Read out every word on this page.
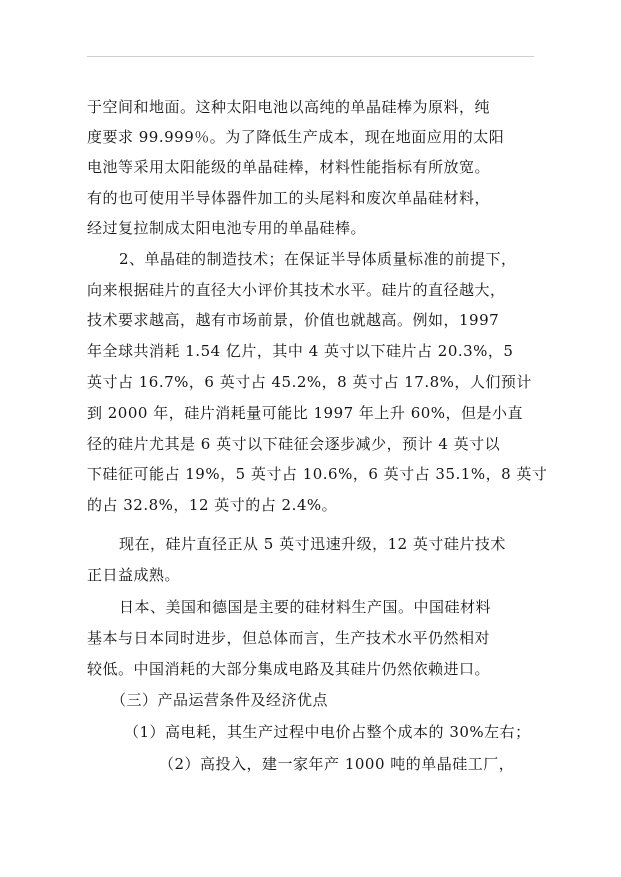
于空间和地面。这种太阳电池以高纯的单晶硅棒为原料，纯
度要求 99.999％。为了降低生产成本，现在地面应用的太阳
电池等采用太阳能级的单晶硅棒，材料性能指标有所放宽。
有的也可使用半导体器件加工的头尾料和废次单晶硅材料，
经过复拉制成太阳电池专用的单晶硅棒。
2、单晶硅的制造技术；在保证半导体质量标准的前提下，
向来根据硅片的直径大小评价其技术水平。硅片的直径越大，
技术要求越高，越有市场前景，价值也就越高。例如，1997
年全球共消耗 1.54 亿片，其中 4 英寸以下硅片占 20.3%，5
英寸占 16.7%，6 英寸占 45.2%，8 英寸占 17.8%，人们预计
到 2000 年，硅片消耗量可能比 1997 年上升 60%，但是小直
径的硅片尤其是 6 英寸以下硅征会逐步减少，预计 4 英寸以
下硅征可能占 19%，5 英寸占 10.6%，6 英寸占 35.1%，8 英寸
的占 32.8%，12 英寸的占 2.4%。
现在，硅片直径正从 5 英寸迅速升级，12 英寸硅片技术
正日益成熟。
日本、美国和德国是主要的硅材料生产国。中国硅材料
基本与日本同时进步，但总体而言，生产技术水平仍然相对
较低。中国消耗的大部分集成电路及其硅片仍然依赖进口。
（三）产品运营条件及经济优点
（1）高电耗，其生产过程中电价占整个成本的 30%左右；
（2）高投入，建一家年产 1000 吨的单晶硅工厂，
